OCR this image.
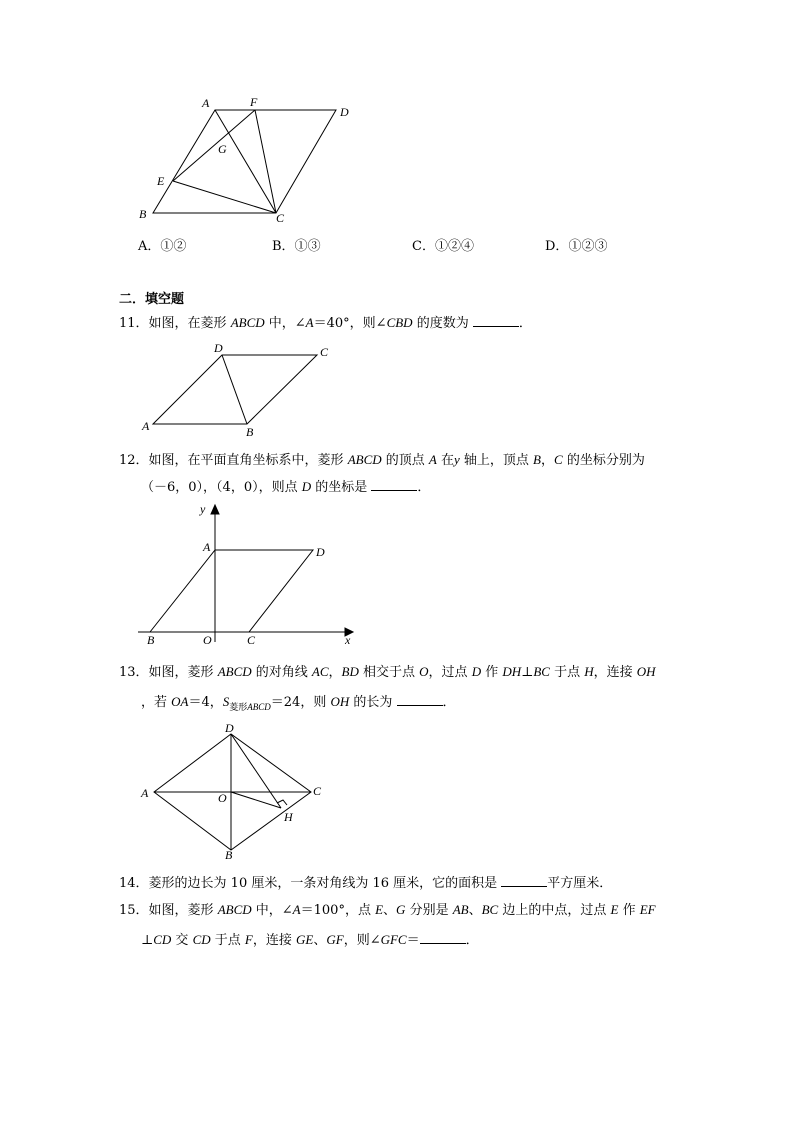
A	F
D
G
E
B	C
A．①②	B．①③	C．①②④	D．①②③
二．填空题
11．如图，在菱形 ABCD 中，∠A＝40°，则∠CBD 的度数为	．
D	C
A	B
12．如图，在平面直角坐标系中，菱形 ABCD 的顶点 A 在y 轴上，顶点 B，C 的坐标分别为
（－6，0），（4，0），则点 D 的坐标是	．
y
x
A	D
B	O	C
13．如图，菱形 ABCD 的对角线 AC，BD 相交于点 O，过点 D 作 DH⊥BC 于点 H，连接 OH
，若 OA＝4，$S_{菱形ABCD}=24$，则 OH 的长为	．
D
A	O	C
H
B
14．菱形的边长为 10 厘米，一条对角线为 16 厘米，它的面积是	平方厘米．
15．如图，菱形 ABCD 中，∠A＝100°，点 E、G 分别是 AB、BC 边上的中点，过点 E 作 EF
⊥CD 交 CD 于点 F，连接 GE、GF，则∠GFC＝	．
